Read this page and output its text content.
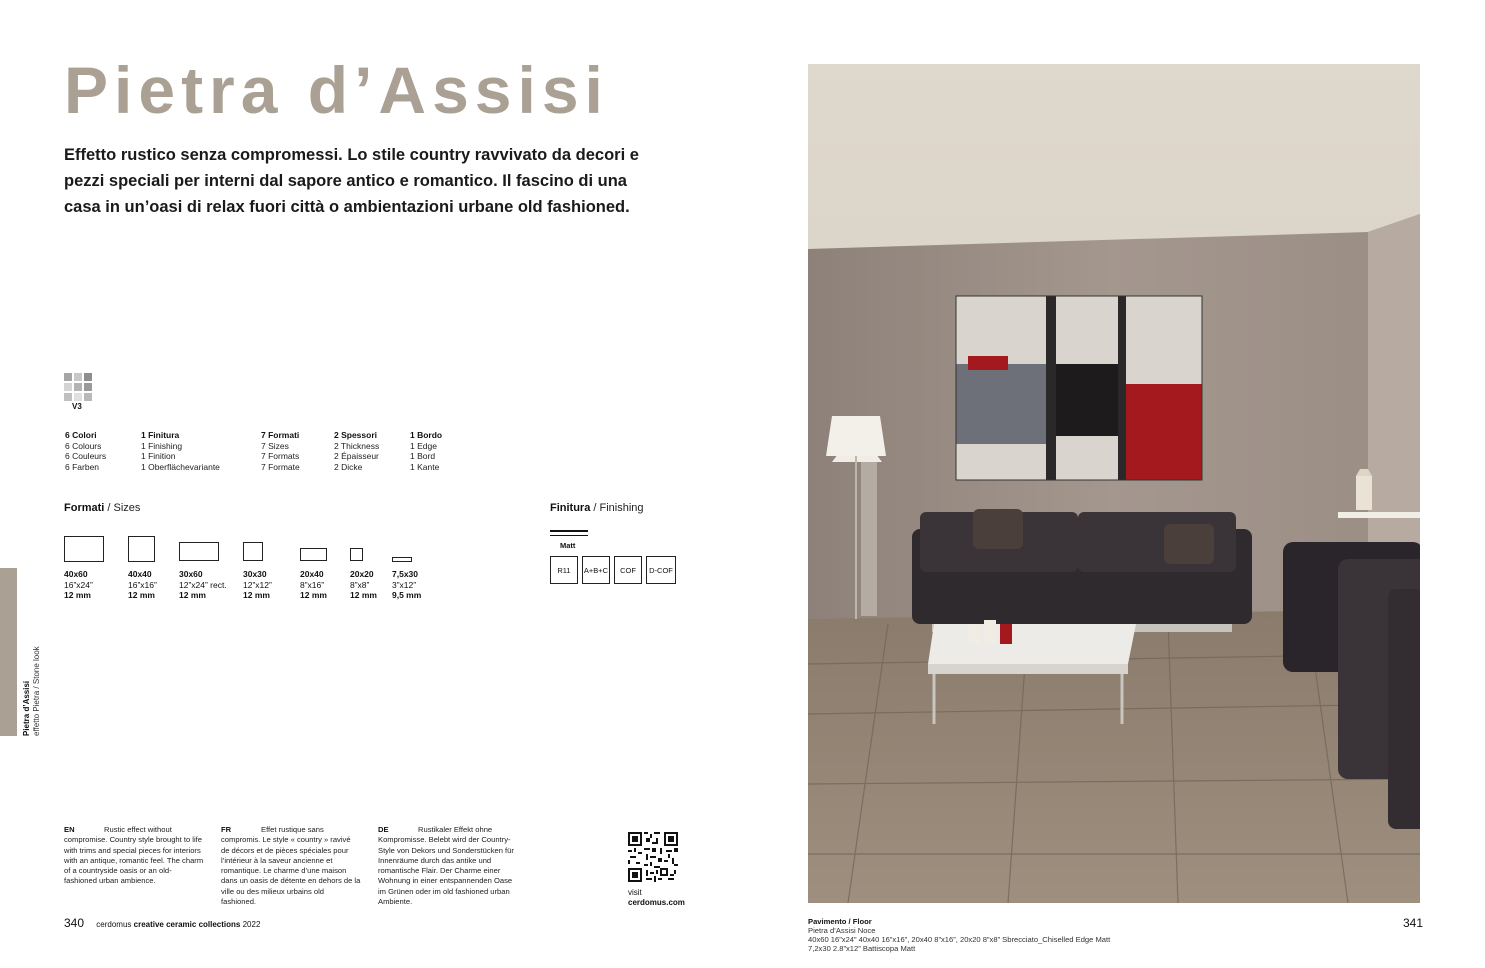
Pietra d’Assisi
Effetto rustico senza compromessi. Lo stile country ravvivato da decori e pezzi speciali per interni dal sapore antico e romantico. Il fascino di una casa in un’oasi di relax fuori città o ambientazioni urbane old fashioned.
V3
6 Colori
6 Colours
6 Couleurs
6 Farben
1 Finitura
1 Finishing
1 Finition
1 Oberflächevariante
7 Formati
7 Sizes
7 Formats
7 Formate
2 Spessori
2 Thickness
2 Épaisseur
2 Dicke
1 Bordo
1 Edge
1 Bord
1 Kante
Formati / Sizes
40x60
16”x24”
12 mm
40x40
16”x16”
12 mm
30x60
12”x24” rect.
12 mm
30x30
12”x12”
12 mm
20x40
8”x16”
12 mm
20x20
8”x8”
12 mm
7,5x30
3”x12”
9,5 mm
Finitura / Finishing
Matt
R11	A+B+C	COF	D-COF
Pietra d’Assisi effetto Pietra / Stone look
EN	Rustic effect without compromise. Country style brought to life with trims and special pieces for interiors with an antique, romantic feel. The charm of a countryside oasis or an old-fashioned urban ambience.
FR	Effet rustique sans compromis. Le style « country » ravivé de décors et de pièces spéciales pour l’intérieur à la saveur ancienne et romantique. Le charme d’une maison dans un oasis de détente en dehors de la ville ou des milieux urbains old fashioned.
DE	Rustikaler Effekt ohne Kompromisse. Belebt wird der Country-Style von Dekors und Sonderstücken für Innenräume durch das antike und romantische Flair. Der Charme einer Wohnung in einer entspannenden Oase im Grünen oder im old fashioned urban Ambiente.
visit
cerdomus.com
340 cerdomus creative ceramic collections 2022	Pavimento / Floor
Pietra d’Assisi Noce
40x60 16”x24” 40x40 16”x16”, 20x40 8”x16”, 20x20 8”x8” Sbrecciato_Chiselled Edge Matt
7,2x30 2.8”x12” Battiscopa Matt
341
